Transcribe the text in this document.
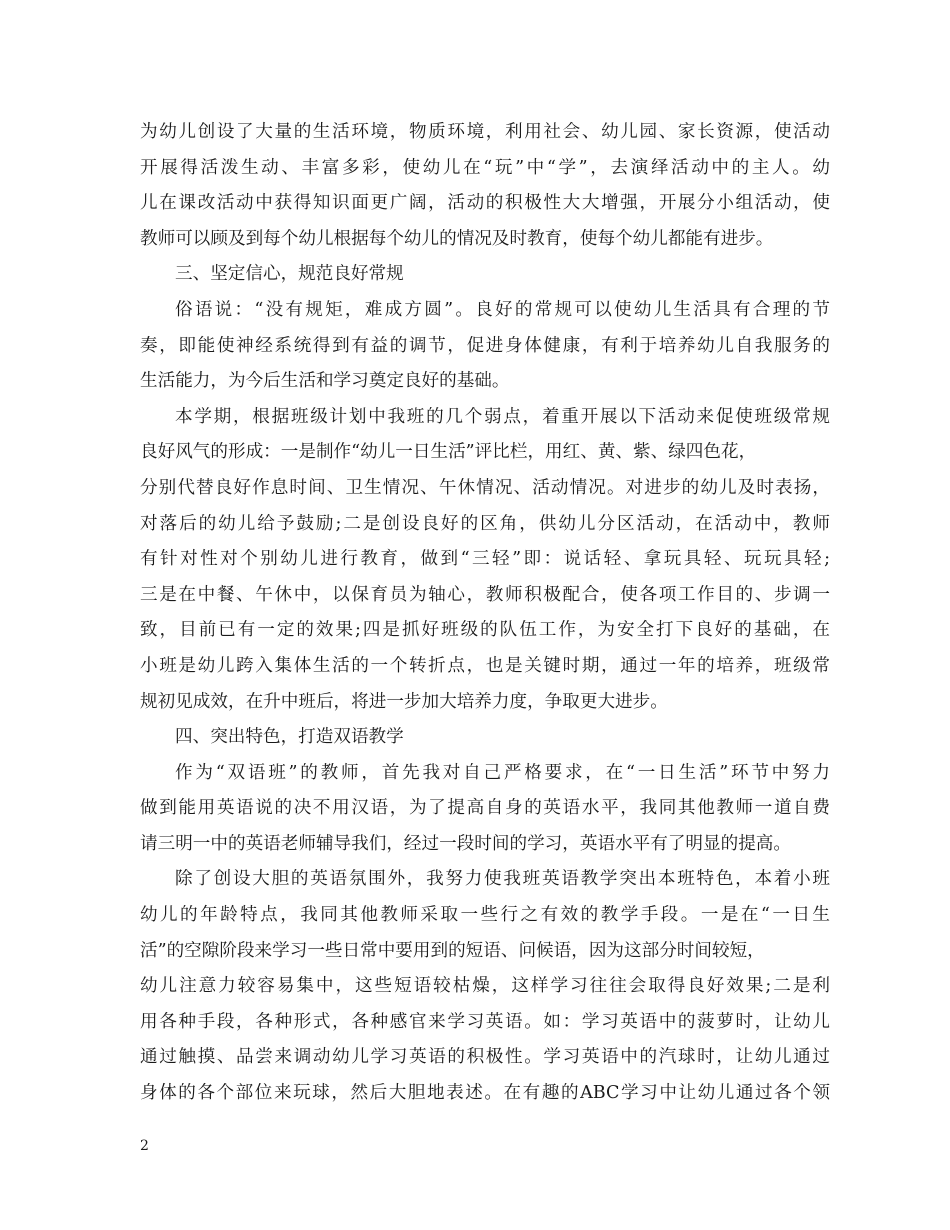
为幼儿创设了大量的生活环境，物质环境，利用社会、幼儿园、家长资源，使活动
开展得活泼生动、丰富多彩，使幼儿在“玩”中“学”，去演绎活动中的主人。幼
儿在课改活动中获得知识面更广阔，活动的积极性大大增强，开展分小组活动，使
教师可以顾及到每个幼儿根据每个幼儿的情况及时教育，使每个幼儿都能有进步。
三、坚定信心，规范良好常规
俗语说：“没有规矩，难成方圆”。良好的常规可以使幼儿生活具有合理的节
奏，即能使神经系统得到有益的调节，促进身体健康，有利于培养幼儿自我服务的
生活能力，为今后生活和学习奠定良好的基础。
本学期，根据班级计划中我班的几个弱点，着重开展以下活动来促使班级常规
良好风气的形成：一是制作“幼儿一日生活”评比栏，用红、黄、紫、绿四色花，
分别代替良好作息时间、卫生情况、午休情况、活动情况。对进步的幼儿及时表扬，
对落后的幼儿给予鼓励;二是创设良好的区角，供幼儿分区活动，在活动中，教师
有针对性对个别幼儿进行教育，做到“三轻”即：说话轻、拿玩具轻、玩玩具轻;
三是在中餐、午休中，以保育员为轴心，教师积极配合，使各项工作目的、步调一
致，目前已有一定的效果;四是抓好班级的队伍工作，为安全打下良好的基础，在
小班是幼儿跨入集体生活的一个转折点，也是关键时期，通过一年的培养，班级常
规初见成效，在升中班后，将进一步加大培养力度，争取更大进步。
四、突出特色，打造双语教学
作为“双语班”的教师，首先我对自己严格要求，在“一日生活”环节中努力
做到能用英语说的决不用汉语，为了提高自身的英语水平，我同其他教师一道自费
请三明一中的英语老师辅导我们，经过一段时间的学习，英语水平有了明显的提高。
除了创设大胆的英语氛围外，我努力使我班英语教学突出本班特色，本着小班
幼儿的年龄特点，我同其他教师采取一些行之有效的教学手段。一是在“一日生
活”的空隙阶段来学习一些日常中要用到的短语、问候语，因为这部分时间较短，
幼儿注意力较容易集中，这些短语较枯燥，这样学习往往会取得良好效果;二是利
用各种手段，各种形式，各种感官来学习英语。如：学习英语中的菠萝时，让幼儿
通过触摸、品尝来调动幼儿学习英语的积极性。学习英语中的汽球时，让幼儿通过
身体的各个部位来玩球，然后大胆地表述。在有趣的ABC学习中让幼儿通过各个领
2
